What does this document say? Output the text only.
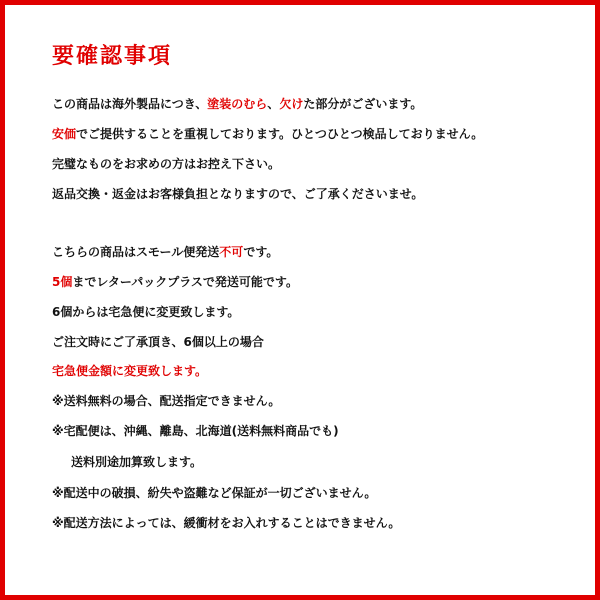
要確認事項
この商品は海外製品につき、塗装のむら、欠けた部分がございます。
安価でご提供することを重視しております。ひとつひとつ検品しておりません。
完璧なものをお求めの方はお控え下さい。
返品交換・返金はお客様負担となりますので、ご了承くださいませ。
こちらの商品はスモール便発送不可です。
5個までレターパックプラスで発送可能です。
6個からは宅急便に変更致します。
ご注文時にご了承頂き、6個以上の場合
宅急便金額に変更致します。
※送料無料の場合、配送指定できません。
※宅配便は、沖縄、離島、北海道(送料無料商品でも)
送料別途加算致します。
※配送中の破損、紛失や盗難など保証が一切ございません。
※配送方法によっては、緩衝材をお入れすることはできません。
